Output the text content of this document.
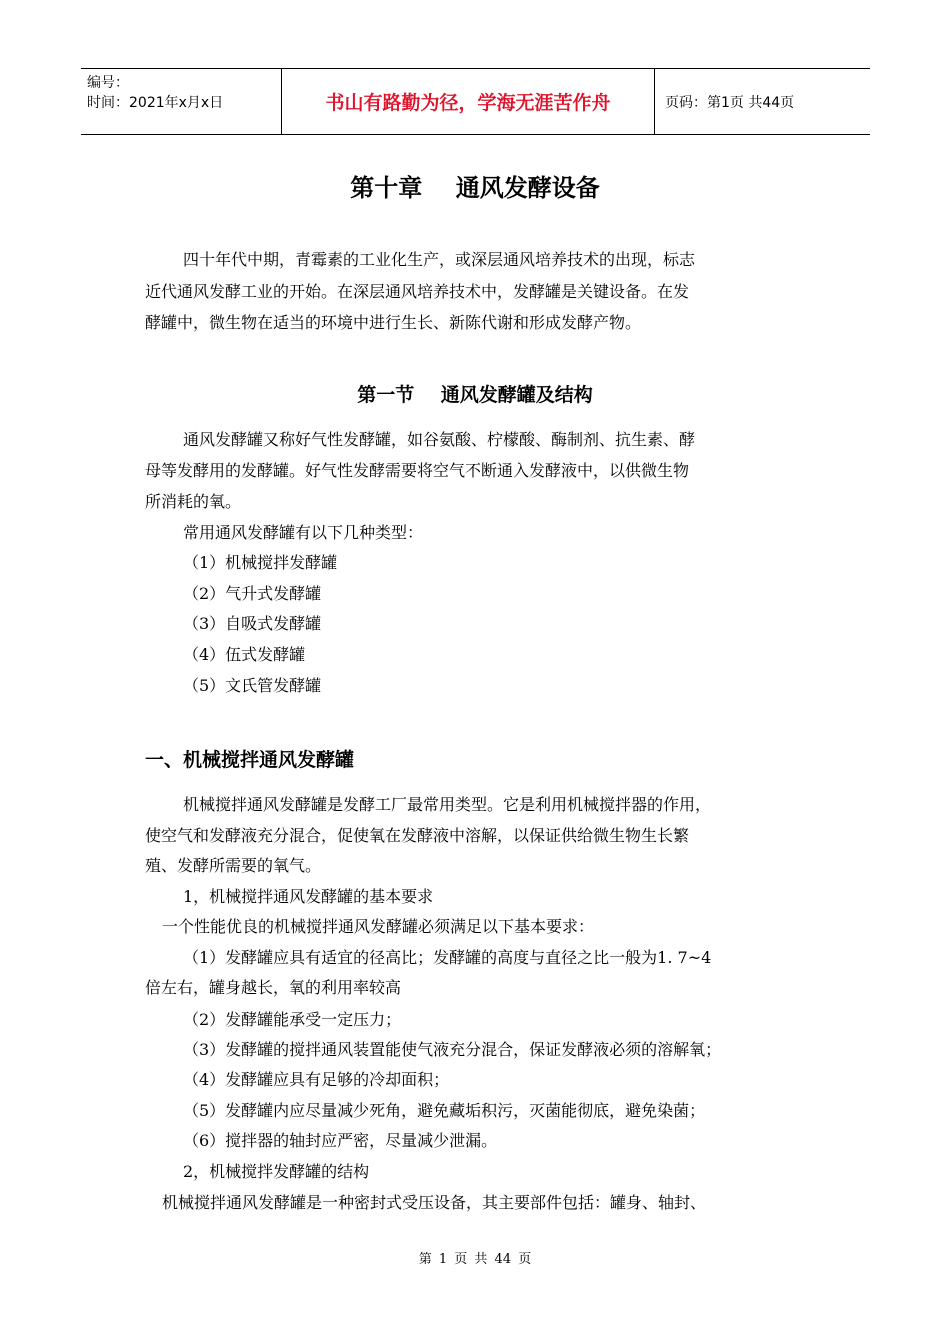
编号：
时间：2021年x月x日	书山有路勤为径，学海无涯苦作舟	页码：第1页 共44页
第十章    通风发酵设备
四十年代中期，青霉素的工业化生产，或深层通风培养技术的出现，标志
近代通风发酵工业的开始。在深层通风培养技术中，发酵罐是关键设备。在发
酵罐中，微生物在适当的环境中进行生长、新陈代谢和形成发酵产物。
第一节    通风发酵罐及结构
通风发酵罐又称好气性发酵罐，如谷氨酸、柠檬酸、酶制剂、抗生素、酵
母等发酵用的发酵罐。好气性发酵需要将空气不断通入发酵液中，以供微生物
所消耗的氧。
常用通风发酵罐有以下几种类型：
（1）机械搅拌发酵罐
（2）气升式发酵罐
（3）自吸式发酵罐
（4）伍式发酵罐
（5）文氏管发酵罐
一、机械搅拌通风发酵罐
机械搅拌通风发酵罐是发酵工厂最常用类型。它是利用机械搅拌器的作用，
使空气和发酵液充分混合，促使氧在发酵液中溶解，以保证供给微生物生长繁
殖、发酵所需要的氧气。
1，机械搅拌通风发酵罐的基本要求
一个性能优良的机械搅拌通风发酵罐必须满足以下基本要求：
（1）发酵罐应具有适宜的径高比；发酵罐的高度与直径之比一般为1. 7~4
倍左右，罐身越长，氧的利用率较高
（2）发酵罐能承受一定压力；
（3）发酵罐的搅拌通风装置能使气液充分混合，保证发酵液必须的溶解氧；
（4）发酵罐应具有足够的冷却面积；
（5）发酵罐内应尽量减少死角，避免藏垢积污，灭菌能彻底，避免染菌；
（6）搅拌器的轴封应严密，尽量减少泄漏。
2，机械搅拌发酵罐的结构
机械搅拌通风发酵罐是一种密封式受压设备，其主要部件包括：罐身、轴封、
第 1 页 共 44 页
